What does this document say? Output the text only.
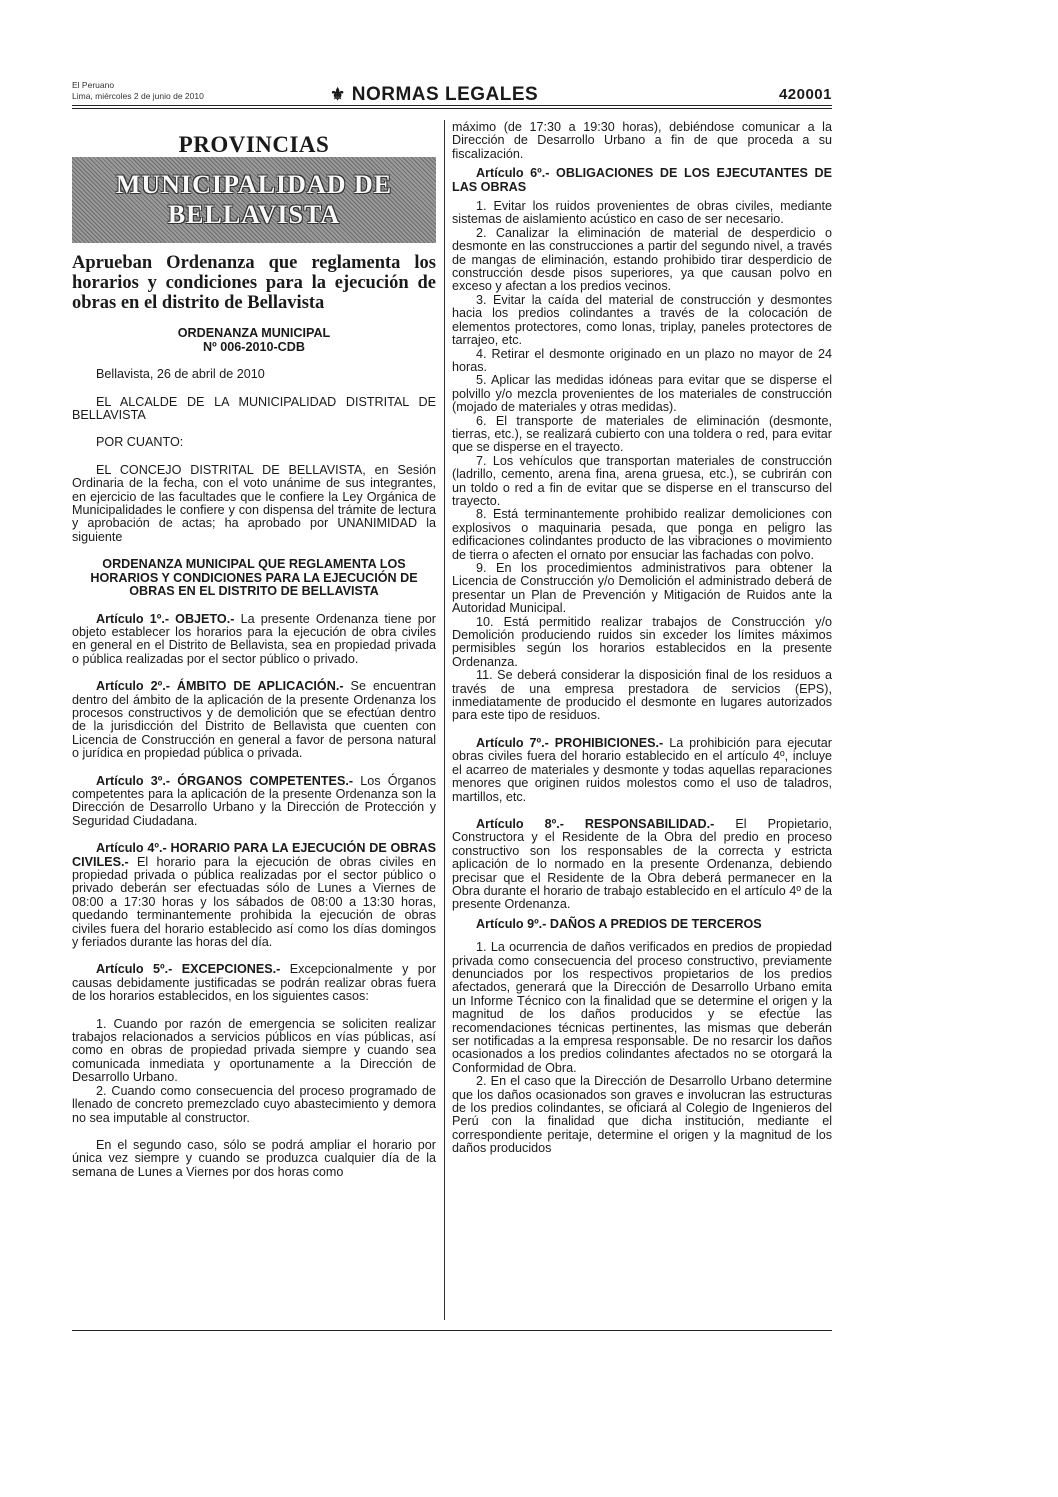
El Peruano
Lima, miércoles 2 de junio de 2010	⚜ NORMAS LEGALES	420001

PROVINCIAS

MUNICIPALIDAD DE
BELLAVISTA

Aprueban Ordenanza que reglamenta los horarios y condiciones para la ejecución de obras en el distrito de Bellavista

ORDENANZA MUNICIPAL

Nº 006-2010-CDB

Bellavista, 26 de abril de 2010

EL ALCALDE DE LA MUNICIPALIDAD DISTRITAL DE BELLAVISTA

POR CUANTO:

EL CONCEJO DISTRITAL DE BELLAVISTA, en Sesión Ordinaria de la fecha, con el voto unánime de sus integrantes, en ejercicio de las facultades que le confiere la Ley Orgánica de Municipalidades le confiere y con dispensa del trámite de lectura y aprobación de actas; ha aprobado por UNANIMIDAD la siguiente

ORDENANZA MUNICIPAL QUE REGLAMENTA LOS HORARIOS Y CONDICIONES PARA LA EJECUCIÓN DE OBRAS EN EL DISTRITO DE BELLAVISTA

Artículo 1º.- OBJETO.- La presente Ordenanza tiene por objeto establecer los horarios para la ejecución de obra civiles en general en el Distrito de Bellavista, sea en propiedad privada o pública realizadas por el sector público o privado.

Artículo 2º.- ÁMBITO DE APLICACIÓN.- Se encuentran dentro del ámbito de la aplicación de la presente Ordenanza los procesos constructivos y de demolición que se efectúan dentro de la jurisdicción del Distrito de Bellavista que cuenten con Licencia de Construcción en general a favor de persona natural o jurídica en propiedad pública o privada.

Artículo 3º.- ÓRGANOS COMPETENTES.- Los Órganos competentes para la aplicación de la presente Ordenanza son la Dirección de Desarrollo Urbano y la Dirección de Protección y Seguridad Ciudadana.

Artículo 4º.- HORARIO PARA LA EJECUCIÓN DE OBRAS CIVILES.- El horario para la ejecución de obras civiles en propiedad privada o pública realizadas por el sector público o privado deberán ser efectuadas sólo de Lunes a Viernes de 08:00 a 17:30 horas y los sábados de 08:00 a 13:30 horas, quedando terminantemente prohibida la ejecución de obras civiles fuera del horario establecido así como los días domingos y feriados durante las horas del día.

Artículo 5º.- EXCEPCIONES.- Excepcionalmente y por causas debidamente justificadas se podrán realizar obras fuera de los horarios establecidos, en los siguientes casos:

1. Cuando por razón de emergencia se soliciten realizar trabajos relacionados a servicios públicos en vías públicas, así como en obras de propiedad privada siempre y cuando sea comunicada inmediata y oportunamente a la Dirección de Desarrollo Urbano.

2. Cuando como consecuencia del proceso programado de llenado de concreto premezclado cuyo abastecimiento y demora no sea imputable al constructor.

En el segundo caso, sólo se podrá ampliar el horario por única vez siempre y cuando se produzca cualquier día de la semana de Lunes a Viernes por dos horas como

máximo (de 17:30 a 19:30 horas), debiéndose comunicar a la Dirección de Desarrollo Urbano a fin de que proceda a su fiscalización.

Artículo 6º.- OBLIGACIONES DE LOS EJECUTANTES DE LAS OBRAS

1. Evitar los ruidos provenientes de obras civiles, mediante sistemas de aislamiento acústico en caso de ser necesario.

2. Canalizar la eliminación de material de desperdicio o desmonte en las construcciones a partir del segundo nivel, a través de mangas de eliminación, estando prohibido tirar desperdicio de construcción desde pisos superiores, ya que causan polvo en exceso y afectan a los predios vecinos.

3. Evitar la caída del material de construcción y desmontes hacia los predios colindantes a través de la colocación de elementos protectores, como lonas, triplay, paneles protectores de tarrajeo, etc.

4. Retirar el desmonte originado en un plazo no mayor de 24 horas.

5. Aplicar las medidas idóneas para evitar que se disperse el polvillo y/o mezcla provenientes de los materiales de construcción (mojado de materiales y otras medidas).

6. El transporte de materiales de eliminación (desmonte, tierras, etc.), se realizará cubierto con una toldera o red, para evitar que se disperse en el trayecto.

7. Los vehículos que transportan materiales de construcción (ladrillo, cemento, arena fina, arena gruesa, etc.), se cubrirán con un toldo o red a fin de evitar que se disperse en el transcurso del trayecto.

8. Está terminantemente prohibido realizar demoliciones con explosivos o maquinaria pesada, que ponga en peligro las edificaciones colindantes producto de las vibraciones o movimiento de tierra o afecten el ornato por ensuciar las fachadas con polvo.

9. En los procedimientos administrativos para obtener la Licencia de Construcción y/o Demolición el administrado deberá de presentar un Plan de Prevención y Mitigación de Ruidos ante la Autoridad Municipal.

10. Está permitido realizar trabajos de Construcción y/o Demolición produciendo ruidos sin exceder los límites máximos permisibles según los horarios establecidos en la presente Ordenanza.

11. Se deberá considerar la disposición final de los residuos a través de una empresa prestadora de servicios (EPS), inmediatamente de producido el desmonte en lugares autorizados para este tipo de residuos.

Artículo 7º.- PROHIBICIONES.- La prohibición para ejecutar obras civiles fuera del horario establecido en el artículo 4º, incluye el acarreo de materiales y desmonte y todas aquellas reparaciones menores que originen ruidos molestos como el uso de taladros, martillos, etc.

Artículo 8º.- RESPONSABILIDAD.- El Propietario, Constructora y el Residente de la Obra del predio en proceso constructivo son los responsables de la correcta y estricta aplicación de lo normado en la presente Ordenanza, debiendo precisar que el Residente de la Obra deberá permanecer en la Obra durante el horario de trabajo establecido en el artículo 4º de la presente Ordenanza.

Artículo 9º.- DAÑOS A PREDIOS DE TERCEROS

1. La ocurrencia de daños verificados en predios de propiedad privada como consecuencia del proceso constructivo, previamente denunciados por los respectivos propietarios de los predios afectados, generará que la Dirección de Desarrollo Urbano emita un Informe Técnico con la finalidad que se determine el origen y la magnitud de los daños producidos y se efectúe las recomendaciones técnicas pertinentes, las mismas que deberán ser notificadas a la empresa responsable. De no resarcir los daños ocasionados a los predios colindantes afectados no se otorgará la Conformidad de Obra.

2. En el caso que la Dirección de Desarrollo Urbano determine que los daños ocasionados son graves e involucran las estructuras de los predios colindantes, se oficiará al Colegio de Ingenieros del Perú con la finalidad que dicha institución, mediante el correspondiente peritaje, determine el origen y la magnitud de los daños producidos
